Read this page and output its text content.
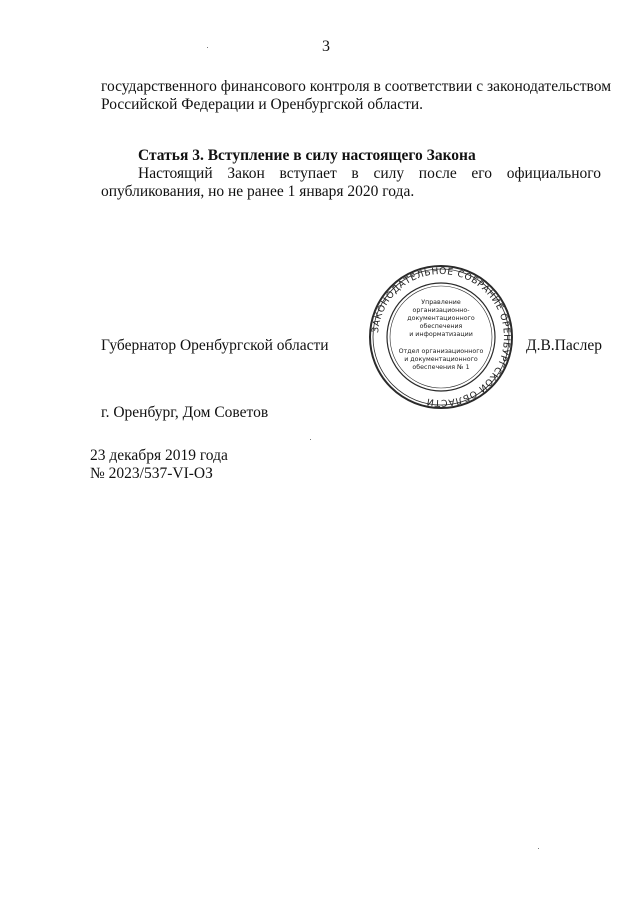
3
государственного финансового контроля в соответствии с законодательством
Российской Федерации и Оренбургской области.
Статья 3. Вступление в силу настоящего Закона
Настоящий Закон вступает в силу после его официального
опубликования, но не ранее 1 января 2020 года.
Губернатор Оренбургской области
ЗАКОНОДАТЕЛЬНОЕ СОБРАНИЕ ОРЕНБУРГСКОЙ ОБЛАСТИ
Управление
организационно-
документационного
обеспечения
и информатизации
Отдел организационного
и документационного
обеспечения № 1
Д.В.Паслер
г. Оренбург, Дом Советов
23 декабря 2019 года
№ 2023/537-VI-ОЗ
